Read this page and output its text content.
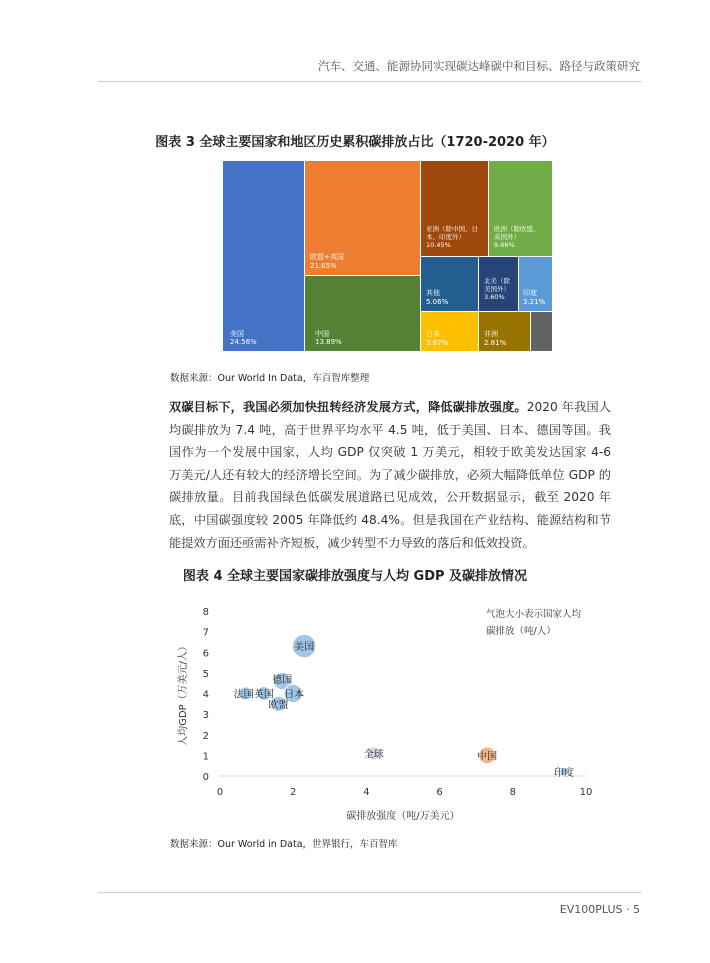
汽车、交通、能源协同实现碳达峰碳中和目标、路径与政策研究
图表 3 全球主要国家和地区历史累积碳排放占比（1720-2020 年）
美国
24.56%
欧盟+英国
21.65%
中国
13.89%
亚洲（除中国、日
本、印度外）
10.45%
欧洲（除欧盟、
英国外）
9.66%
其他
5.06%
北美（除
美国外）
3.60%
印度
3.21%
日本
3.87%
非洲
2.81%
数据来源：Our World In Data，车百智库整理

双碳目标下，我国必须加快扭转经济发展方式，降低碳排放强度。2020 年我国人均碳排放为 7.4 吨，高于世界平均水平 4.5 吨，低于美国、日本、德国等国。我国作为一个发展中国家，人均 GDP 仅突破 1 万美元，相较于欧美发达国家 4-6 万美元/人还有较大的经济增长空间。为了减少碳排放，必须大幅降低单位 GDP 的碳排放量。目前我国绿色低碳发展道路已见成效，公开数据显示，截至 2020 年底，中国碳强度较 2005 年降低约 48.4%。但是我国在产业结构、能源结构和节能提效方面还亟需补齐短板，减少转型不力导致的落后和低效投资。

图表 4 全球主要国家碳排放强度与人均 GDP 及碳排放情况
0	2	4	6	8	10
0
1
2
3
4
5
6
7
8
碳排放强度（吨/万美元）
人均GDP（万美元/人）
气泡大小表示国家人均
碳排放（吨/人）
美国
德国
日本
英国
欧盟
法国
全球	中国
印度
数据来源：Our World in Data，世界银行，车百智库
EV100PLUS · 5
